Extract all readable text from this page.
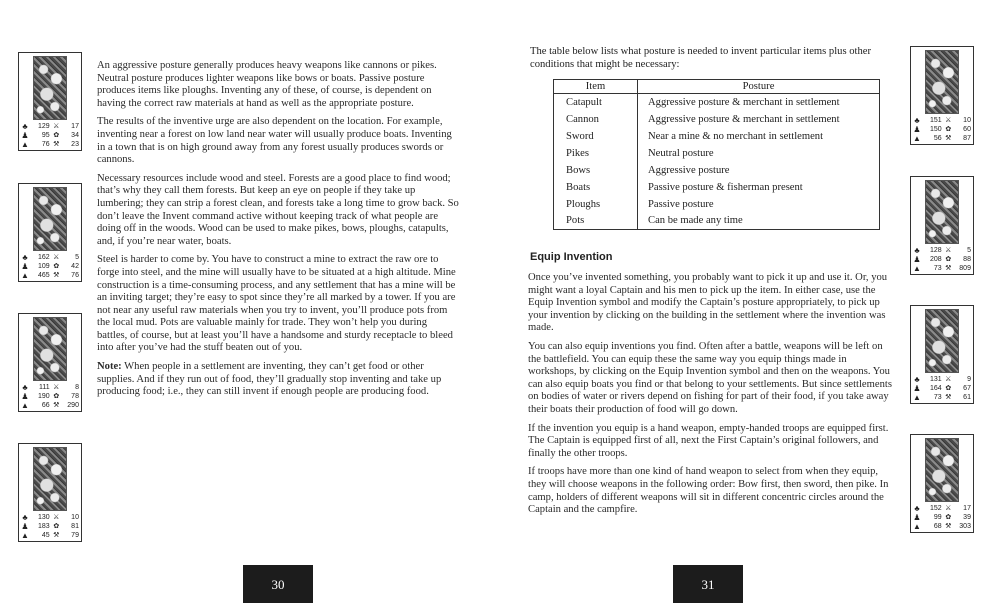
♣	129 ⚔	17
♟	95 ✿	34
▲	76 ⚒	23
♣	162 ⚔	5
♟	109 ✿	42
▲	465 ⚒	76
♣	111 ⚔	8
♟	190 ✿	78
▲	66 ⚒	290
♣	130 ⚔	10
♟	183 ✿	81
▲	45 ⚒	79

An aggressive posture generally produces heavy weapons like cannons or pikes. Neutral posture produces lighter weapons like bows or boats. Passive posture produces items like ploughs. Inventing any of these, of course, is dependent on having the correct raw materials at hand as well as the appropriate posture.

The results of the inventive urge are also dependent on the location. For example, inventing near a forest on low land near water will usually produce boats. Inventing in a town that is on high ground away from any forest usually produces swords or cannons.

Necessary resources include wood and steel. Forests are a good place to find wood; that’s why they call them forests. But keep an eye on people if they take up lumbering; they can strip a forest clean, and forests take a long time to grow back. So don’t leave the Invent command active without keeping track of what people are doing off in the woods. Wood can be used to make pikes, bows, ploughs, catapults, and, if you’re near water, boats.

Steel is harder to come by. You have to construct a mine to extract the raw ore to forge into steel, and the mine will usually have to be situated at a high altitude. Mine construction is a time-consuming process, and any settlement that has a mine will be an inviting target; they’re easy to spot since they’re all marked by a tower. If you are not near any useful raw materials when you try to invent, you’ll produce pots from the local mud. Pots are valuable mainly for trade. They won’t help you during battles, of course, but at least you’ll have a handsome and sturdy receptacle to bleed into after you’ve had the stuff beaten out of you.

Note: When people in a settlement are inventing, they can’t get food or other supplies. And if they run out of food, they’ll gradually stop inventing and take up producing food; i.e., they can still invent if enough people are producing food.

30
The table below lists what posture is needed to invent particular items plus other conditions that might be necessary:
Item	Posture
Catapult	Aggressive posture & merchant in settlement
Cannon	Aggressive posture & merchant in settlement
Sword	Near a mine & no merchant in settlement
Pikes	Neutral posture
Bows	Aggressive posture
Boats	Passive posture & fisherman present
Ploughs	Passive posture
Pots	Can be made any time
Equip Invention

Once you’ve invented something, you probably want to pick it up and use it. Or, you might want a loyal Captain and his men to pick up the item. In either case, use the Equip Invention symbol and modify the Captain’s posture appropriately, to pick up your invention by clicking on the building in the settlement where the invention was made.

You can also equip inventions you find. Often after a battle, weapons will be left on the battlefield. You can equip these the same way you equip things made in workshops, by clicking on the Equip Invention symbol and then on the weapons. You can also equip boats you find or that belong to your settlements. But since settlements on bodies of water or rivers depend on fishing for part of their food, if you take away their boats their production of food will go down.

If the invention you equip is a hand weapon, empty-handed troops are equipped first. The Captain is equipped first of all, next the First Captain’s original followers, and finally the other troops.

If troops have more than one kind of hand weapon to select from when they equip, they will choose weapons in the following order: Bow first, then sword, then pike. In camp, holders of different weapons will sit in different concentric circles around the Captain and the campfire.

♣	151 ⚔	10
♟	150 ✿	60
▲	56 ⚒	87
♣	128 ⚔	5
♟	208 ✿	88
▲	73 ⚒	809
♣	131 ⚔	9
♟	164 ✿	67
▲	73 ⚒	61
♣	152 ⚔	17
♟	99 ✿	39
▲	68 ⚒	303
31
